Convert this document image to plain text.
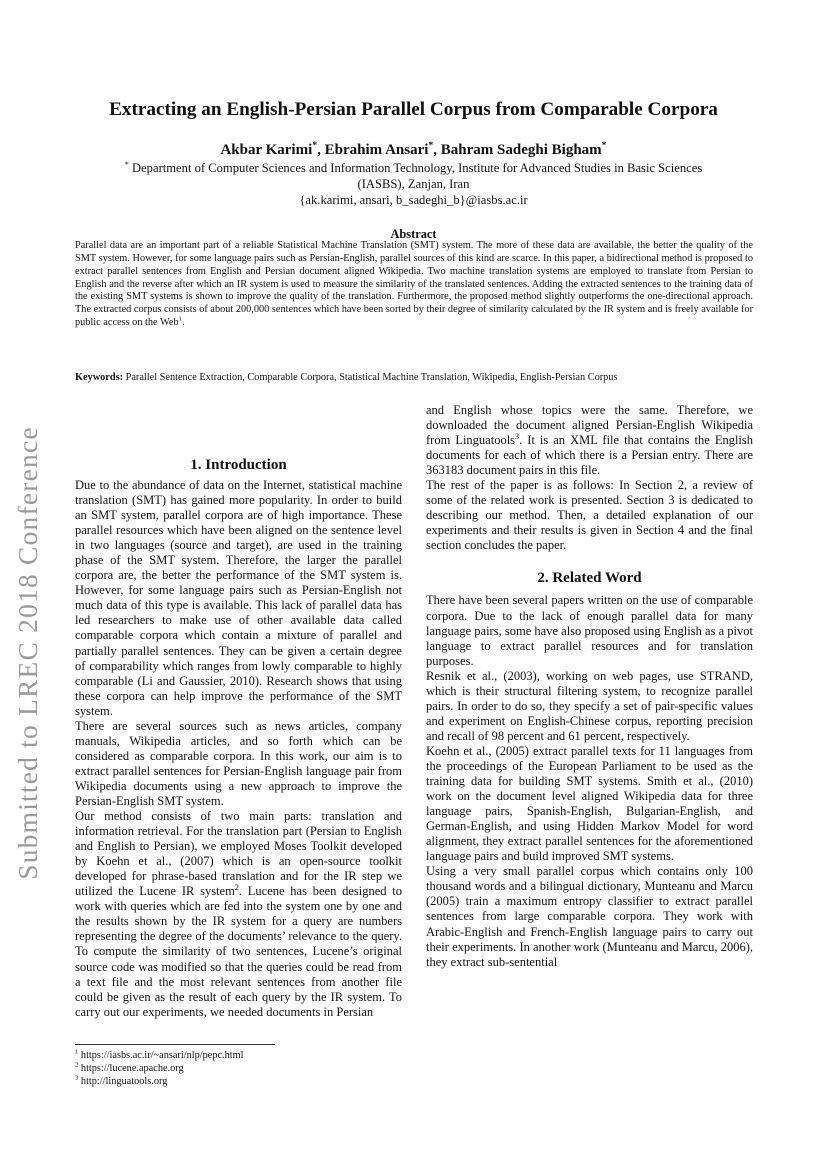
Submitted to LREC 2018 Conference
Extracting an English-Persian Parallel Corpus from Comparable Corpora
Akbar Karimi*, Ebrahim Ansari*, Bahram Sadeghi Bigham*
* Department of Computer Sciences and Information Technology, Institute for Advanced Studies in Basic Sciences
(IASBS), Zanjan, Iran
{ak.karimi, ansari, b_sadeghi_b}@iasbs.ac.ir
Abstract
Parallel data are an important part of a reliable Statistical Machine Translation (SMT) system. The more of these data are available, the better the quality of the SMT system. However, for some language pairs such as Persian-English, parallel sources of this kind are scarce. In this paper, a bidirectional method is proposed to extract parallel sentences from English and Persian document aligned Wikipedia. Two machine translation systems are employed to translate from Persian to English and the reverse after which an IR system is used to measure the similarity of the translated sentences. Adding the extracted sentences to the training data of the existing SMT systems is shown to improve the quality of the translation. Furthermore, the proposed method slightly outperforms the one-directional approach. The extracted corpus consists of about 200,000 sentences which have been sorted by their degree of similarity calculated by the IR system and is freely available for public access on the Web$^1$.
Keywords: Parallel Sentence Extraction, Comparable Corpora, Statistical Machine Translation, Wikipedia, English-Persian Corpus
1. Introduction

Due to the abundance of data on the Internet, statistical machine translation (SMT) has gained more popularity. In order to build an SMT system, parallel corpora are of high importance. These parallel resources which have been aligned on the sentence level in two languages (source and target), are used in the training phase of the SMT system. Therefore, the larger the parallel corpora are, the better the performance of the SMT system is. However, for some language pairs such as Persian-English not much data of this type is available. This lack of parallel data has led researchers to make use of other available data called comparable corpora which contain a mixture of parallel and partially parallel sentences. They can be given a certain degree of comparability which ranges from lowly comparable to highly comparable (Li and Gaussier, 2010). Research shows that using these corpora can help improve the performance of the SMT system.

There are several sources such as news articles, company manuals, Wikipedia articles, and so forth which can be considered as comparable corpora. In this work, our aim is to extract parallel sentences for Persian-English language pair from Wikipedia documents using a new approach to improve the Persian-English SMT system.

Our method consists of two main parts: translation and information retrieval. For the translation part (Persian to English and English to Persian), we employed Moses Toolkit developed by Koehn et al., (2007) which is an open-source toolkit developed for phrase-based translation and for the IR step we utilized the Lucene IR system$^2$. Lucene has been designed to work with queries which are fed into the system one by one and the results shown by the IR system for a query are numbers representing the degree of the documents’ relevance to the query. To compute the similarity of two sentences, Lucene’s original source code was modified so that the queries could be read from a text file and the most relevant sentences from another file could be given as the result of each query by the IR system. To carry out our experiments, we needed documents in Persian

and English whose topics were the same. Therefore, we downloaded the document aligned Persian-English Wikipedia from Linguatools$^3$. It is an XML file that contains the English documents for each of which there is a Persian entry. There are 363183 document pairs in this file.

The rest of the paper is as follows: In Section 2, a review of some of the related work is presented. Section 3 is dedicated to describing our method. Then, a detailed explanation of our experiments and their results is given in Section 4 and the final section concludes the paper.

2. Related Word

There have been several papers written on the use of comparable corpora. Due to the lack of enough parallel data for many language pairs, some have also proposed using English as a pivot language to extract parallel resources and for translation purposes.

Resnik et al., (2003), working on web pages, use STRAND, which is their structural filtering system, to recognize parallel pairs. In order to do so, they specify a set of pair-specific values and experiment on English-Chinese corpus, reporting precision and recall of 98 percent and 61 percent, respectively.

Koehn et al., (2005) extract parallel texts for 11 languages from the proceedings of the European Parliament to be used as the training data for building SMT systems. Smith et al., (2010) work on the document level aligned Wikipedia data for three language pairs, Spanish-English, Bulgarian-English, and German-English, and using Hidden Markov Model for word alignment, they extract parallel sentences for the aforementioned language pairs and build improved SMT systems.

Using a very small parallel corpus which contains only 100 thousand words and a bilingual dictionary, Munteanu and Marcu (2005) train a maximum entropy classifier to extract parallel sentences from large comparable corpora. They work with Arabic-English and French-English language pairs to carry out their experiments. In another work (Munteanu and Marcu, 2006), they extract sub-sentential

$^1$ https://iasbs.ac.ir/~ansari/nlp/pepc.html
$^2$ https://lucene.apache.org
$^3$ http://linguatools.org
